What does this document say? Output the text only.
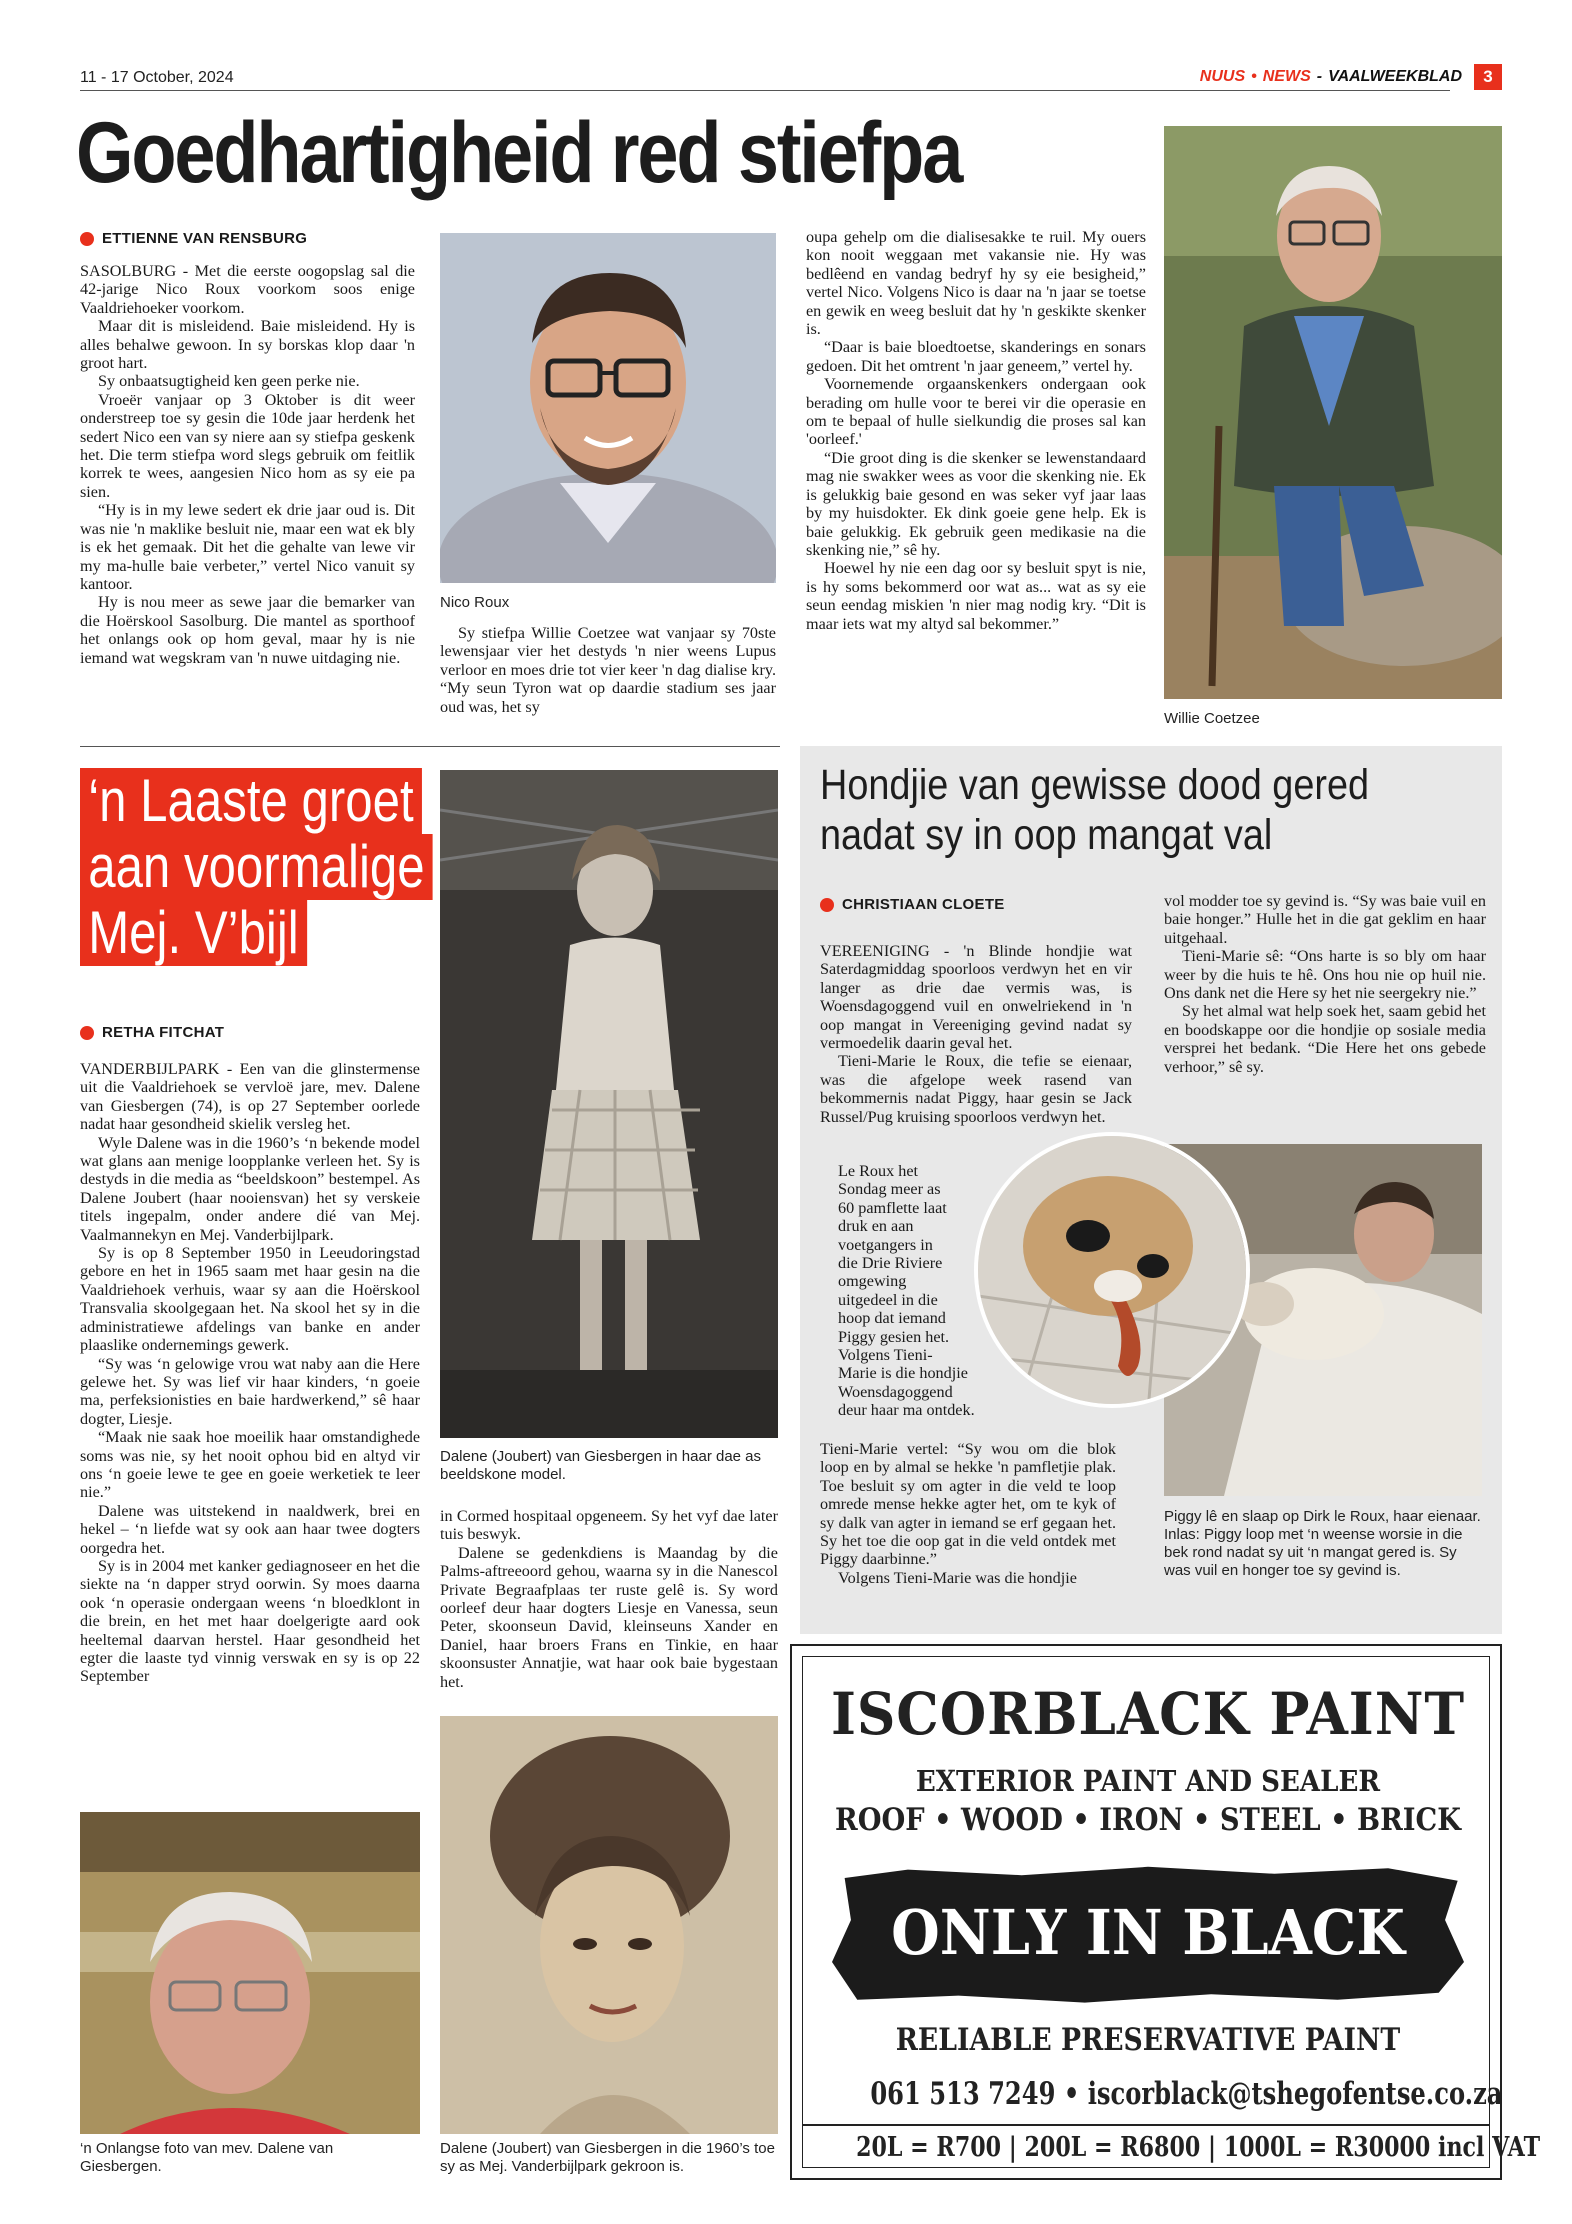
11 - 17 October, 2024	NUUS • NEWS - VAALWEEKBLAD	3
Goedhartigheid red stiefpa
ETTIENNE VAN RENSBURG

SASOLBURG - Met die eerste oogopslag sal die 42-jarige Nico Roux voorkom soos enige Vaaldriehoeker voorkom.

Maar dit is misleidend. Baie misleidend. Hy is alles behalwe gewoon. In sy borskas klop daar 'n groot hart.

Sy onbaatsugtigheid ken geen perke nie.

Vroeër vanjaar op 3 Oktober is dit weer onderstreep toe sy gesin die 10de jaar herdenk het sedert Nico een van sy niere aan sy stiefpa geskenk het. Die term stiefpa word slegs gebruik om feitlik korrek te wees, aangesien Nico hom as sy eie pa sien.

“Hy is in my lewe sedert ek drie jaar oud is. Dit was nie 'n maklike besluit nie, maar een wat ek bly is ek het gemaak. Dit het die gehalte van lewe vir my ma-hulle baie verbeter,” vertel Nico vanuit sy kantoor.

Hy is nou meer as sewe jaar die bemarker van die Hoërskool Sasolburg. Die mantel as sporthoof het onlangs ook op hom geval, maar hy is nie iemand wat wegskram van 'n nuwe uitdaging nie.

Nico Roux

Sy stiefpa Willie Coetzee wat vanjaar sy 70ste lewensjaar vier het destyds 'n nier weens Lupus verloor en moes drie tot vier keer 'n dag dialise kry. “My seun Tyron wat op daardie stadium ses jaar oud was, het sy

oupa gehelp om die dialisesakke te ruil. My ouers kon nooit weggaan met vakansie nie. Hy was bedlêend en vandag bedryf hy sy eie besigheid,” vertel Nico. Volgens Nico is daar na 'n jaar se toetse en gewik en weeg besluit dat hy 'n geskikte skenker is.

“Daar is baie bloedtoetse, skanderings en sonars gedoen. Dit het omtrent 'n jaar geneem,” vertel hy.

Voornemende orgaanskenkers ondergaan ook berading om hulle voor te berei vir die operasie en om te bepaal of hulle sielkundig die proses sal kan 'oorleef.'

“Die groot ding is die skenker se lewenstandaard mag nie swakker wees as voor die skenking nie. Ek is gelukkig baie gesond en was seker vyf jaar laas by my huisdokter. Ek dink goeie gene help. Ek is baie gelukkig. Ek gebruik geen medikasie na die skenking nie,” sê hy.

Hoewel hy nie een dag oor sy besluit spyt is nie, is hy soms bekommerd oor wat as... wat as sy eie seun eendag miskien 'n nier mag nodig kry. “Dit is maar iets wat my altyd sal bekommer.”

Willie Coetzee
‘n Laaste groet
aan voormalige
Mej. V’bijl
RETHA FITCHAT

VANDERBIJLPARK - Een van die glinstermense uit die Vaaldriehoek se vervloë jare, mev. Dalene van Giesbergen (74), is op 27 September oorlede nadat haar gesondheid skielik versleg het.

Wyle Dalene was in die 1960’s ‘n bekende model wat glans aan menige loopplanke verleen het. Sy is destyds in die media as “beeldskoon” bestempel. As Dalene Joubert (haar nooiensvan) het sy verskeie titels ingepalm, onder andere dié van Mej. Vaalmannekyn en Mej. Vanderbijlpark.

Sy is op 8 September 1950 in Leeudoringstad gebore en het in 1965 saam met haar gesin na die Vaaldriehoek verhuis, waar sy aan die Hoërskool Transvalia skoolgegaan het. Na skool het sy in die administratiewe afdelings van banke en ander plaaslike ondernemings gewerk.

“Sy was ‘n gelowige vrou wat naby aan die Here gelewe het. Sy was lief vir haar kinders, ‘n goeie ma, perfeksionisties en baie hardwerkend,” sê haar dogter, Liesje.

“Maak nie saak hoe moeilik haar omstandighede soms was nie, sy het nooit ophou bid en altyd vir ons ‘n goeie lewe te gee en goeie werketiek te leer nie.”

Dalene was uitstekend in naaldwerk, brei en hekel – ‘n liefde wat sy ook aan haar twee dogters oorgedra het.

Sy is in 2004 met kanker gediagnoseer en het die siekte na ‘n dapper stryd oorwin. Sy moes daarna ook ‘n operasie ondergaan weens ‘n bloedklont in die brein, en het met haar doelgerigte aard ook heeltemal daarvan herstel. Haar gesondheid het egter die laaste tyd vinnig verswak en sy is op 22 September

Dalene (Joubert) van Giesbergen in haar dae as beeldskone model.

in Cormed hospitaal opgeneem. Sy het vyf dae later tuis beswyk.

Dalene se gedenkdiens is Maandag by die Palms-aftreeoord gehou, waarna sy in die Nanescol Private Begraafplaas ter ruste gelê is. Sy word oorleef deur haar dogters Liesje en Vanessa, seun Peter, skoonseun David, kleinseuns Xander en Daniel, haar broers Frans en Tinkie, en haar skoonsuster Annatjie, wat haar ook baie bygestaan het.

‘n Onlangse foto van mev. Dalene van Giesbergen.
Dalene (Joubert) van Giesbergen in die 1960’s toe sy as Mej. Vanderbijlpark gekroon is.
Hondjie van gewisse dood gered
nadat sy in oop mangat val
CHRISTIAAN CLOETE

VEREENIGING - 'n Blinde hondjie wat Saterdagmiddag spoorloos verdwyn het en vir langer as drie dae vermis was, is Woensdagoggend vuil en onwelriekend in 'n oop mangat in Vereeniging gevind nadat sy vermoedelik daarin geval het.

Tieni-Marie le Roux, die tefie se eienaar, was die afgelope week rasend van bekommernis nadat Piggy, haar gesin se Jack Russel/Pug kruising spoorloos verdwyn het.

Le Roux het
Sondag meer as
60 pamflette laat
druk en aan
voetgangers in
die Drie Riviere
omgewing
uitgedeel in die
hoop dat iemand
Piggy gesien het.
Volgens Tieni-
Marie is die hondjie
Woensdagoggend
deur haar ma ontdek.

Tieni-Marie vertel: “Sy wou om die blok loop en by almal se hekke 'n pamfletjie plak. Toe besluit sy om agter in die veld te loop omrede mense hekke agter het, om te kyk of sy dalk van agter in iemand se erf gegaan het. Sy het toe die oop gat in die veld ontdek met Piggy daarbinne.”

Volgens Tieni-Marie was die hondjie

vol modder toe sy gevind is. “Sy was baie vuil en baie honger.” Hulle het in die gat geklim en haar uitgehaal.

Tieni-Marie sê: “Ons harte is so bly om haar weer by die huis te hê. Ons hou nie op huil nie. Ons dank net die Here sy het nie seergekry nie.”

Sy het almal wat help soek het, saam gebid het en boodskappe oor die hondjie op sosiale media versprei het bedank. “Die Here het ons gebede verhoor,” sê sy.

Piggy lê en slaap op Dirk le Roux, haar eienaar. Inlas: Piggy loop met ‘n weense worsie in die bek rond nadat sy uit ‘n mangat gered is. Sy was vuil en honger toe sy gevind is.
ISCORBLACK PAINT
EXTERIOR PAINT AND SEALER
ROOF • WOOD • IRON • STEEL • BRICK
ONLY IN BLACK
RELIABLE PRESERVATIVE PAINT
061 513 7249 • iscorblack@tshegofentse.co.za
20L = R700 | 200L = R6800 | 1000L = R30000 incl VAT
